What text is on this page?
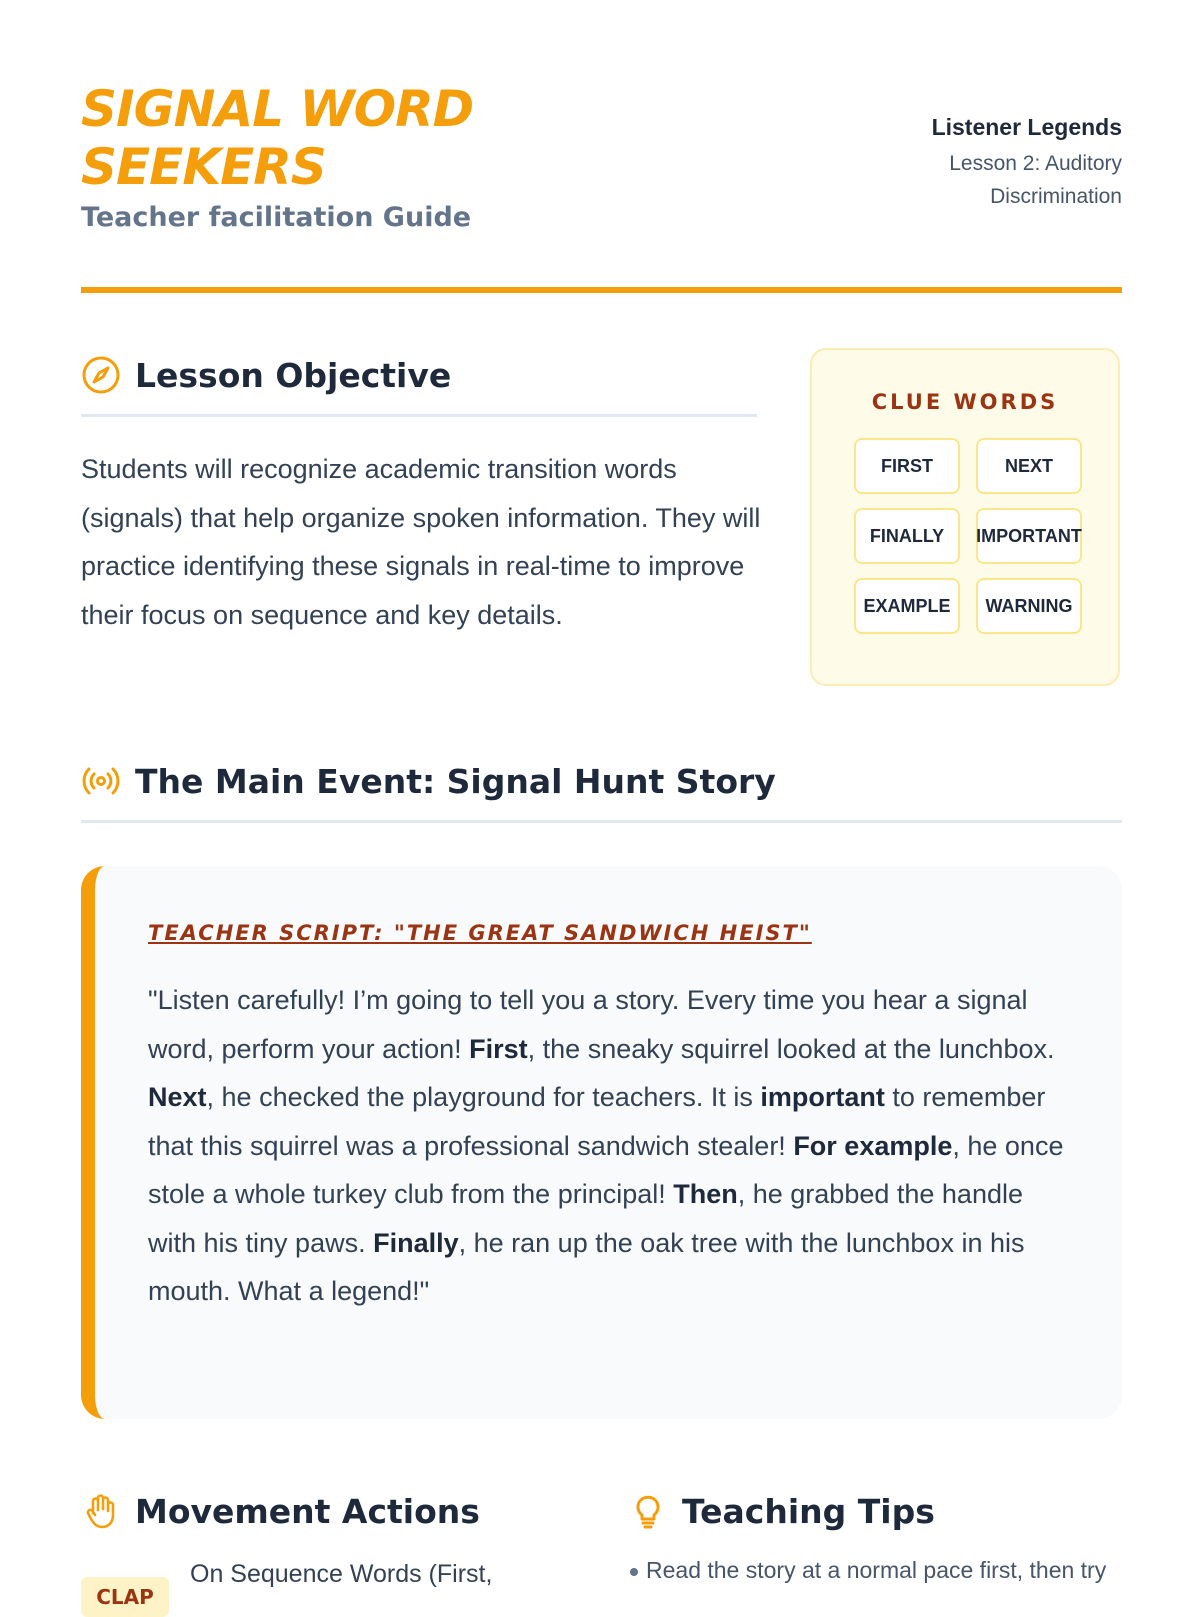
SIGNAL WORD
SEEKERS
Teacher facilitation Guide
Listener Legends
Lesson 2: Auditory Discrimination
Lesson Objective
Students will recognize academic transition words (signals) that help organize spoken information. They will practice identifying these signals in real-time to improve their focus on sequence and key details.
CLUE WORDS
FIRST	NEXT
FINALLY	IMPORTANT
EXAMPLE	WARNING
The Main Event: Signal Hunt Story
TEACHER SCRIPT: "THE GREAT SANDWICH HEIST"
"Listen carefully! I’m going to tell you a story. Every time you hear a signal word, perform your action! First, the sneaky squirrel looked at the lunchbox. Next, he checked the playground for teachers. It is important to remember that this squirrel was a professional sandwich stealer! For example, he once stole a whole turkey club from the principal! Then, he grabbed the handle with his tiny paws. Finally, he ran up the oak tree with the lunchbox in his mouth. What a legend!"
Movement Actions
CLAP
On Sequence Words (First,
Teaching Tips
Read the story at a normal pace first, then try
